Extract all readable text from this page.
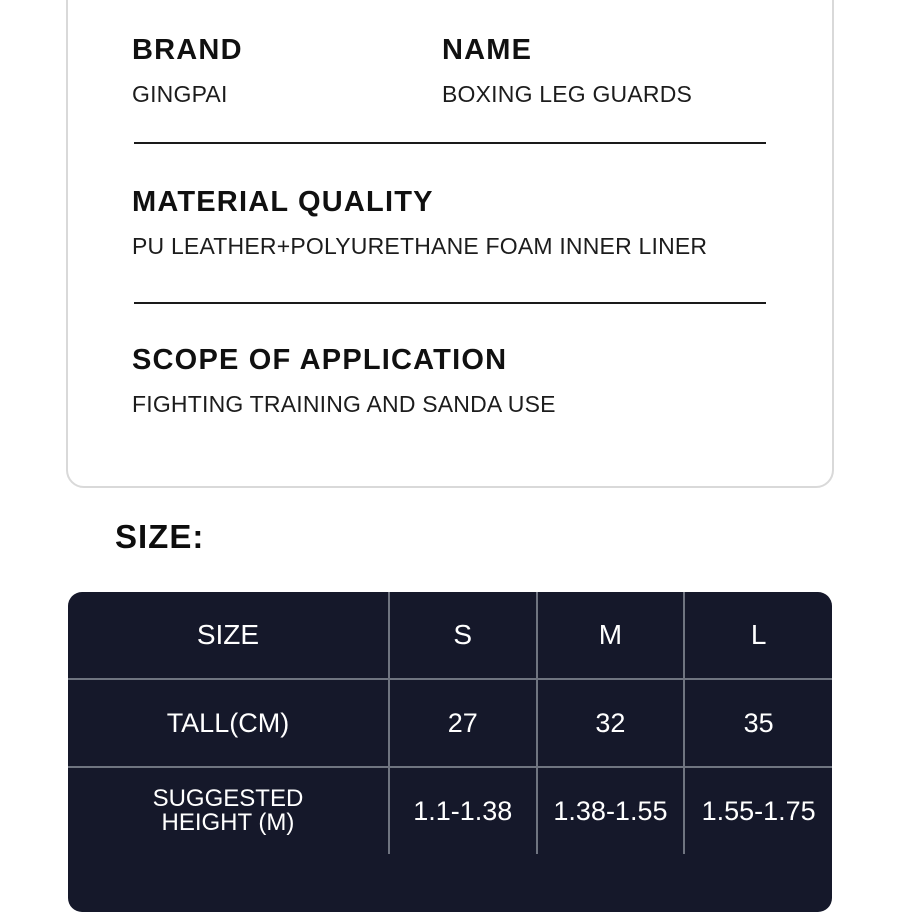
BRAND
GINGPAI
NAME
BOXING LEG GUARDS
MATERIAL QUALITY
PU LEATHER+POLYURETHANE FOAM INNER LINER
SCOPE OF APPLICATION
FIGHTING TRAINING AND SANDA USE
SIZE:
SIZE	S	M	L
TALL(CM)	27	32	35

SUGGESTED
HEIGHT (M)	1.1-1.38	1.38-1.55	1.55-1.75
